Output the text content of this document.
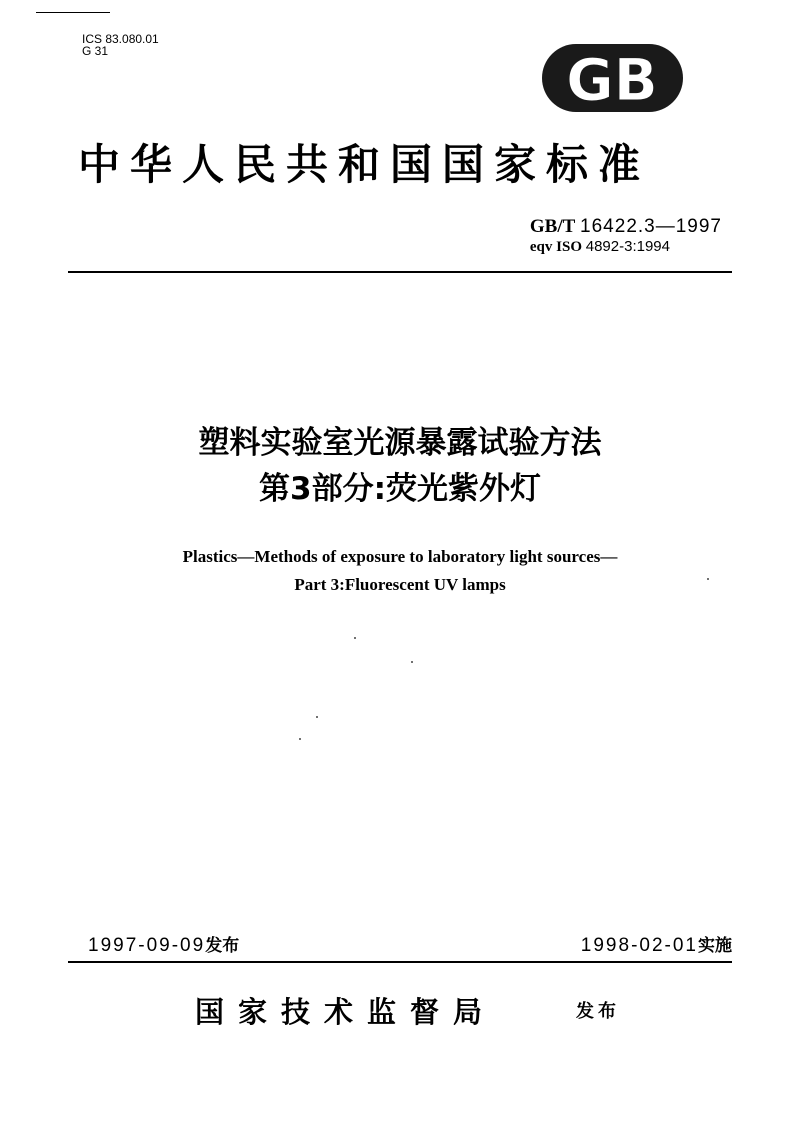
ICS 83.080.01
G 31	GB
中华人民共和国国家标准
GB/T 16422.3—1997
eqv ISO 4892-3:1994
塑料实验室光源暴露试验方法
第3部分:荧光紫外灯
Plastics—Methods of exposure to laboratory light sources—
Part 3:Fluorescent UV lamps
1997-09-09发布	1998-02-01实施
国家技术监督局	发布
